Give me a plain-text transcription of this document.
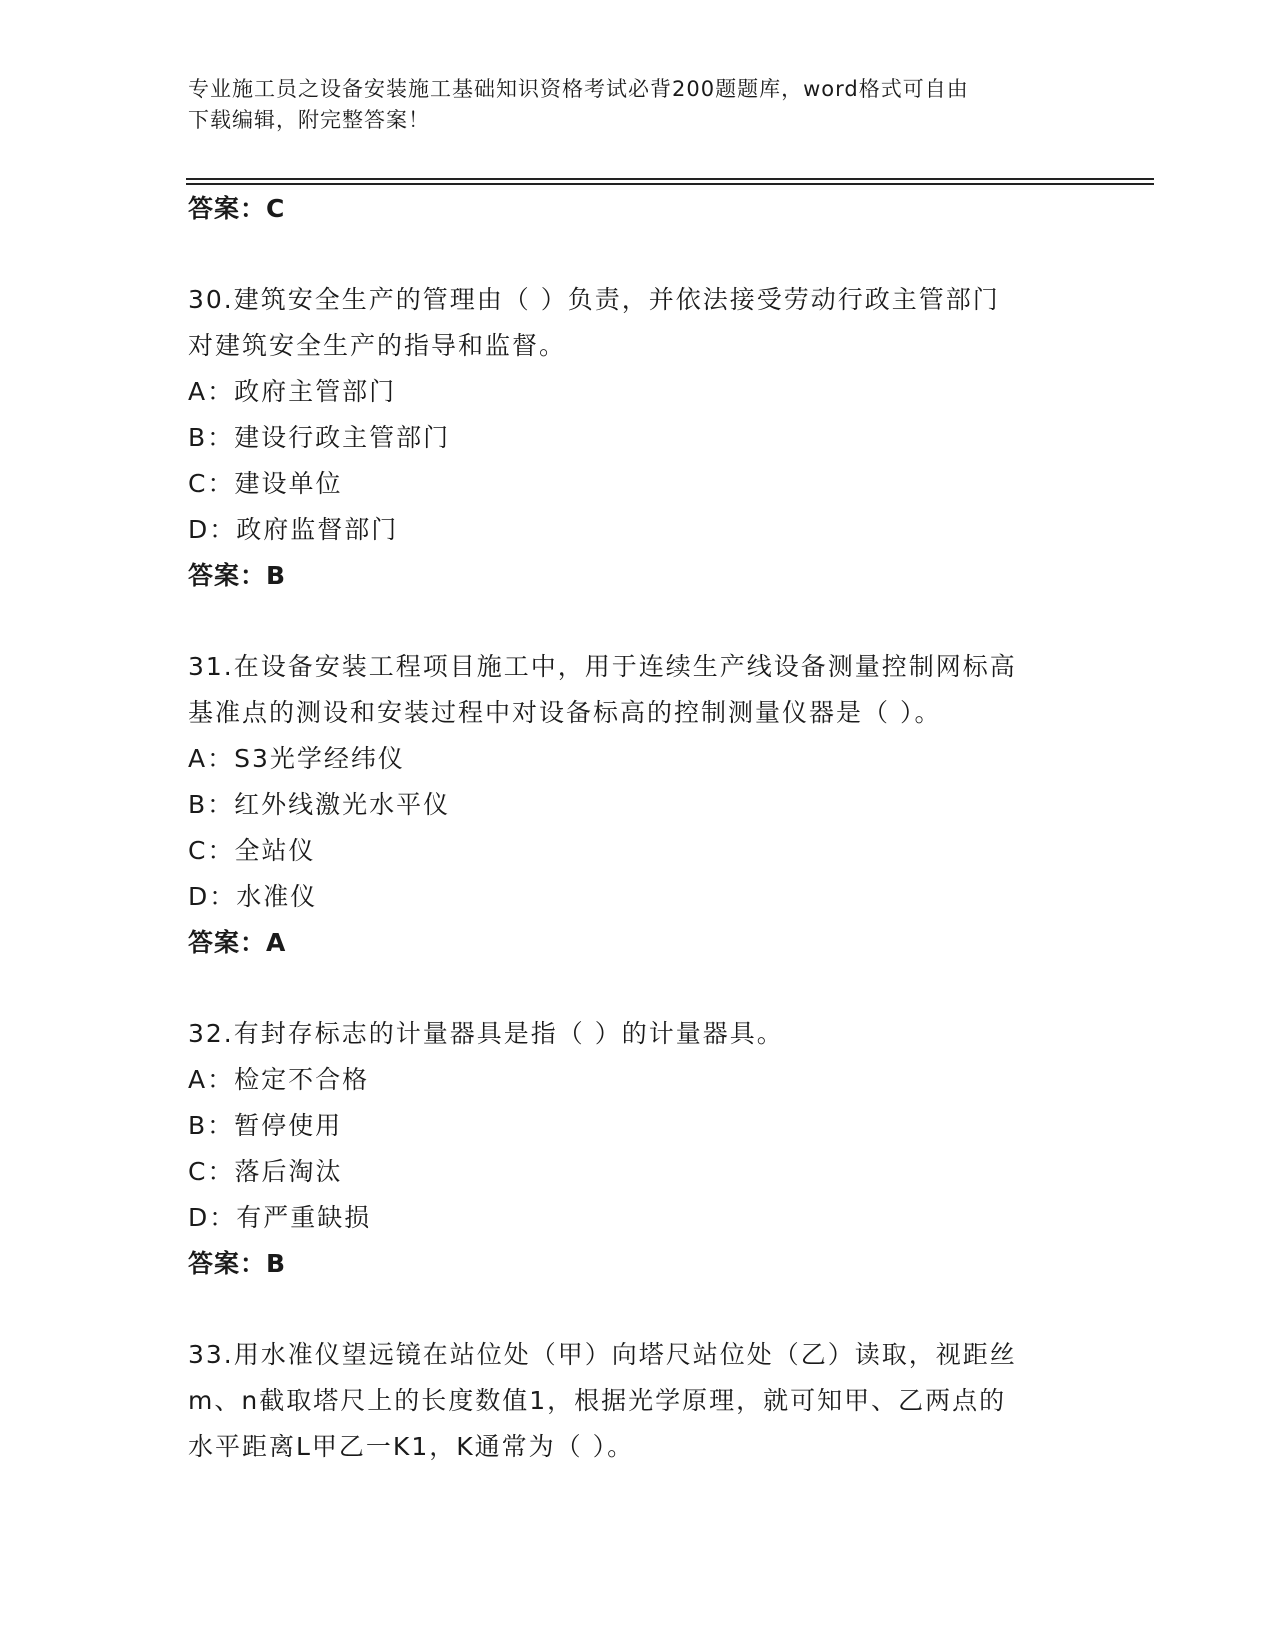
专业施工员之设备安装施工基础知识资格考试必背200题题库，word格式可自由
下载编辑，附完整答案！
答案：C
30.建筑安全生产的管理由（ ）负责，并依法接受劳动行政主管部门
对建筑安全生产的指导和监督。
A：政府主管部门
B：建设行政主管部门
C：建设单位
D：政府监督部门
答案：B
31.在设备安装工程项目施工中，用于连续生产线设备测量控制网标高
基准点的测设和安装过程中对设备标高的控制测量仪器是（ ）。
A：S3光学经纬仪
B：红外线激光水平仪
C：全站仪
D：水准仪
答案：A
32.有封存标志的计量器具是指（ ）的计量器具。
A：检定不合格
B：暂停使用
C：落后淘汰
D：有严重缺损
答案：B
33.用水准仪望远镜在站位处（甲）向塔尺站位处（乙）读取，视距丝
m、n截取塔尺上的长度数值1，根据光学原理，就可知甲、乙两点的
水平距离L甲乙一K1，K通常为（ ）。
